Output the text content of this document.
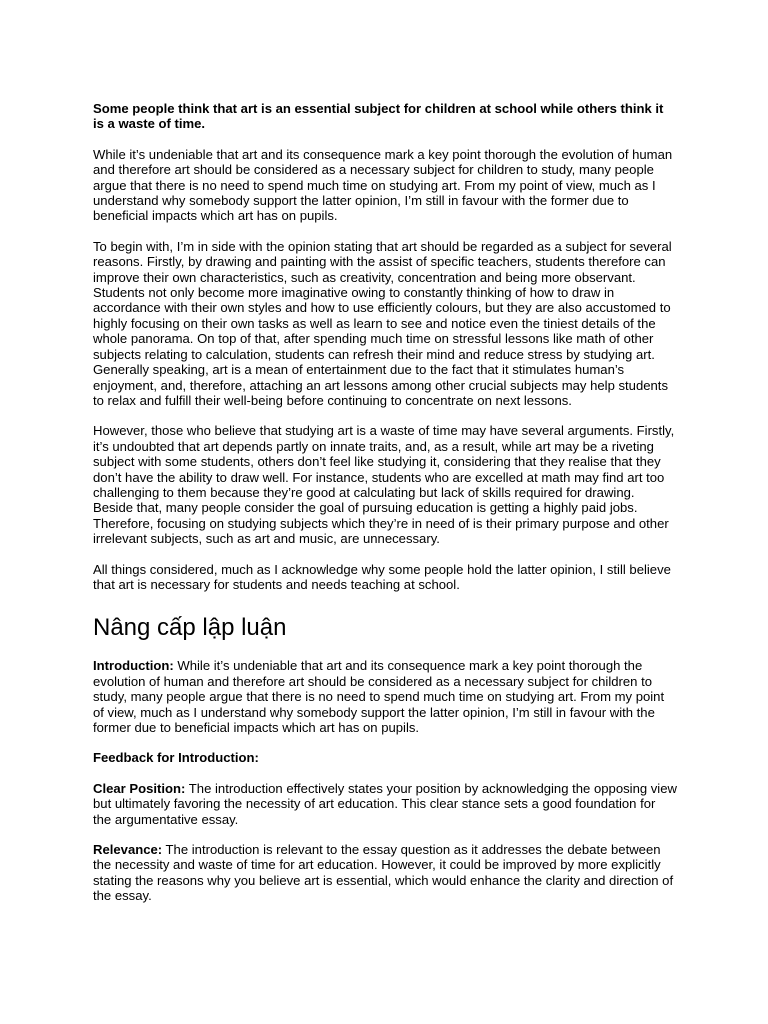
Some people think that art is an essential subject for children at school while others think it is a waste of time.

While it’s undeniable that art and its consequence mark a key point thorough the evolution of human and therefore art should be considered as a necessary subject for children to study, many people argue that there is no need to spend much time on studying art. From my point of view, much as I understand why somebody support the latter opinion, I’m still in favour with the former due to beneficial impacts which art has on pupils.

To begin with, I’m in side with the opinion stating that art should be regarded as a subject for several reasons. Firstly, by drawing and painting with the assist of specific teachers, students therefore can improve their own characteristics, such as creativity, concentration and being more observant. Students not only become more imaginative owing to constantly thinking of how to draw in accordance with their own styles and how to use efficiently colours, but they are also accustomed to highly focusing on their own tasks as well as learn to see and notice even the tiniest details of the whole panorama. On top of that, after spending much time on stressful lessons like math of other subjects relating to calculation, students can refresh their mind and reduce stress by studying art. Generally speaking, art is a mean of entertainment due to the fact that it stimulates human’s enjoyment, and, therefore, attaching an art lessons among other crucial subjects may help students to relax and fulfill their well-being before continuing to concentrate on next lessons.

However, those who believe that studying art is a waste of time may have several arguments. Firstly, it’s undoubted that art depends partly on innate traits, and, as a result, while art may be a riveting subject with some students, others don’t feel like studying it, considering that they realise that they don’t have the ability to draw well. For instance, students who are excelled at math may find art too challenging to them because they’re good at calculating but lack of skills required for drawing. Beside that, many people consider the goal of pursuing education is getting a highly paid jobs. Therefore, focusing on studying subjects which they’re in need of is their primary purpose and other irrelevant subjects, such as art and music, are unnecessary.

All things considered, much as I acknowledge why some people hold the latter opinion, I still believe that art is necessary for students and needs teaching at school.

Nâng cấp lập luận

Introduction: While it’s undeniable that art and its consequence mark a key point thorough the evolution of human and therefore art should be considered as a necessary subject for children to study, many people argue that there is no need to spend much time on studying art. From my point of view, much as I understand why somebody support the latter opinion, I’m still in favour with the former due to beneficial impacts which art has on pupils.

Feedback for Introduction:

Clear Position: The introduction effectively states your position by acknowledging the opposing view but ultimately favoring the necessity of art education. This clear stance sets a good foundation for the argumentative essay.

Relevance: The introduction is relevant to the essay question as it addresses the debate between the necessity and waste of time for art education. However, it could be improved by more explicitly stating the reasons why you believe art is essential, which would enhance the clarity and direction of the essay.
